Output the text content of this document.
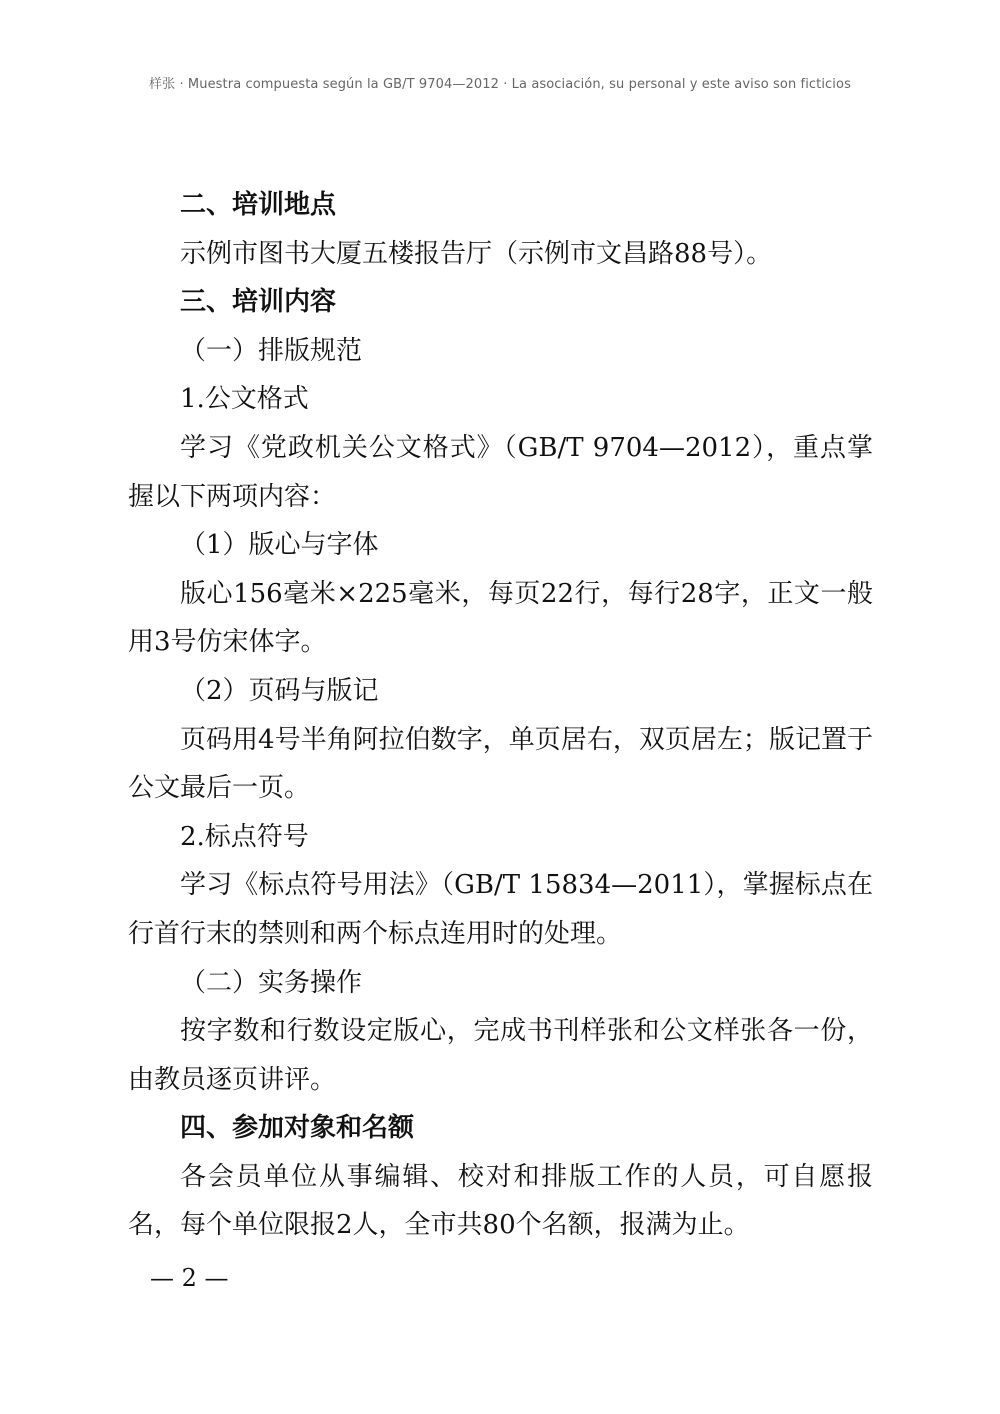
样张 · Muestra compuesta según la GB/T 9704—2012 · La asociación, su personal y este aviso son ficticios

二、培训地点

示例市图书大厦五楼报告厅（示例市文昌路88号）。

三、培训内容

（一）排版规范

1.公文格式

学习《党政机关公文格式》（GB/T 9704—2012），重点掌握以下两项内容：

（1）版心与字体

版心156毫米×225毫米，每页22行，每行28字，正文一般用3号仿宋体字。

（2）页码与版记

页码用4号半角阿拉伯数字，单页居右，双页居左；版记置于公文最后一页。

2.标点符号

学习《标点符号用法》（GB/T 15834—2011），掌握标点在行首行末的禁则和两个标点连用时的处理。

（二）实务操作

按字数和行数设定版心，完成书刊样张和公文样张各一份，由教员逐页讲评。

四、参加对象和名额

各会员单位从事编辑、校对和排版工作的人员，可自愿报名，每个单位限报2人，全市共80个名额，报满为止。

— 2 —
